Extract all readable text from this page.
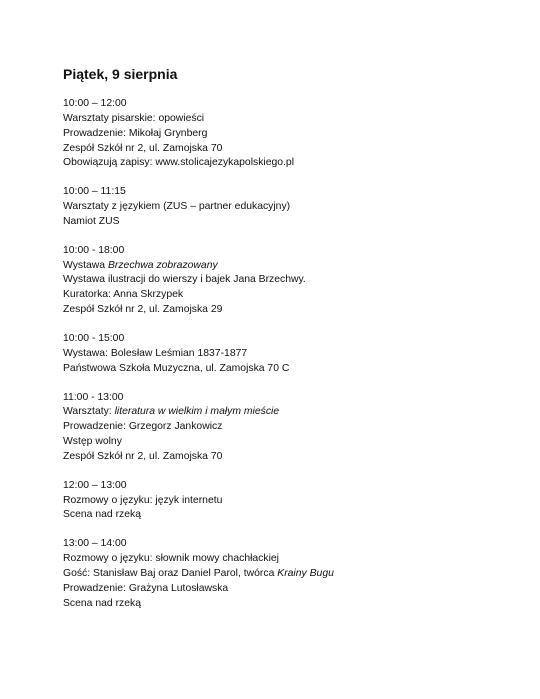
Piątek, 9 sierpnia
10:00 – 12:00
Warsztaty pisarskie: opowieści
Prowadzenie: Mikołaj Grynberg
Zespół Szkół nr 2, ul. Zamojska 70
Obowiązują zapisy: www.stolicajezykapolskiego.pl
10:00 – 11:15
Warsztaty z językiem (ZUS – partner edukacyjny)
Namiot ZUS
10:00 - 18:00
Wystawa Brzechwa zobrazowany
Wystawa ilustracji do wierszy i bajek Jana Brzechwy.
Kuratorka: Anna Skrzypek
Zespół Szkół nr 2, ul. Zamojska 29
10:00 - 15:00
Wystawa: Bolesław Leśmian 1837-1877
Państwowa Szkoła Muzyczna, ul. Zamojska 70 C
11:00 - 13:00
Warsztaty: literatura w wielkim i małym mieście
Prowadzenie: Grzegorz Jankowicz
Wstęp wolny
Zespół Szkół nr 2, ul. Zamojska 70
12:00 – 13:00
Rozmowy o języku: język internetu
Scena nad rzeką
13:00 – 14:00
Rozmowy o języku: słownik mowy chachłackiej
Gość: Stanisław Baj oraz Daniel Parol, twórca Krainy Bugu
Prowadzenie: Grażyna Lutosławska
Scena nad rzeką
